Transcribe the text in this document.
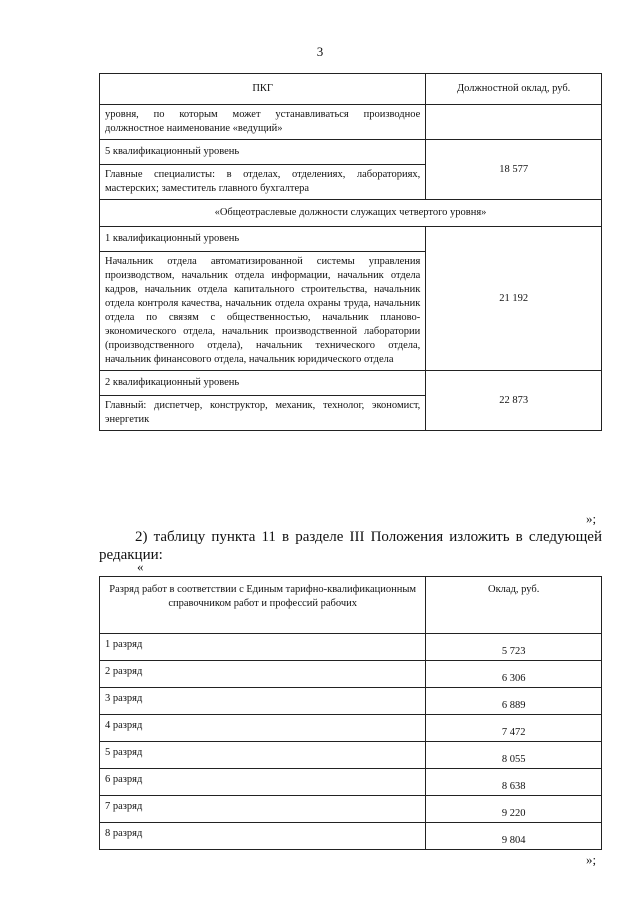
3
ПКГ	Должностной оклад, руб.
уровня, по которым может устанавливаться производное должностное наименование «ведущий»	
5 квалификационный уровень	18 577
Главные специалисты: в отделах, отделениях, лабораториях, мастерских; заместитель главного бухгалтера	
«Общеотраслевые должности служащих четвертого уровня»	
1 квалификационный уровень	21 192
Начальник отдела автоматизированной системы управления производством, начальник отдела информации, начальник отдела кадров, начальник отдела капитального строительства, начальник отдела контроля качества, начальник отдела охраны труда, начальник отдела по связям с общественностью, начальник планово-экономического отдела, начальник производственной лаборатории (производственного отдела), начальник технического отдела, начальник финансового отдела, начальник юридического отдела	
2 квалификационный уровень	22 873
Главный: диспетчер, конструктор, механик, технолог, экономист, энергетик	
»;
2) таблицу пункта 11 в разделе III Положения изложить в следующей редакции:
«
Разряд работ в соответствии с Единым тарифно-квалификационным справочником работ и профессий рабочих	Оклад, руб.
1 разряд	5 723
2 разряд	6 306
3 разряд	6 889
4 разряд	7 472
5 разряд	8 055
6 разряд	8 638
7 разряд	9 220
8 разряд	9 804
»;
